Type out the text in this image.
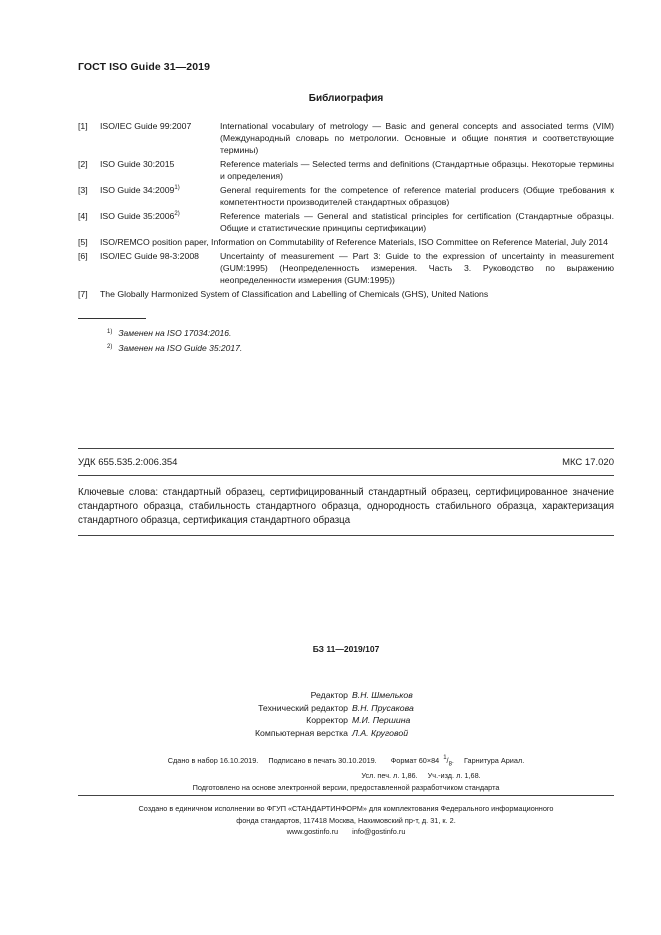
ГОСТ ISO Guide 31—2019
Библиография
[1]	ISO/IEC Guide 99:2007	International vocabulary of metrology — Basic and general concepts and associated terms (VIM) (Международный словарь по метрологии. Основные и общие понятия и соответствующие термины)
[2]	ISO Guide 30:2015	Reference materials — Selected terms and definitions (Стандартные образцы. Некоторые термины и определения)
[3]	ISO Guide 34:2009$^{1)}$	General requirements for the competence of reference material producers (Общие требования к компетентности производителей стандартных образцов)
[4]	ISO Guide 35:2006$^{2)}$	Reference materials — General and statistical principles for certification (Стандартные образцы. Общие и статистические принципы сертификации)
[5]	ISO/REMCO position paper, Information on Commutability of Reference Materials, ISO Committee on Reference Material, July 2014
[6]	ISO/IEC Guide 98-3:2008	Uncertainty of measurement — Part 3: Guide to the expression of uncertainty in measurement (GUM:1995) (Неопределенность измерения. Часть 3. Руководство по выражению неопределенности измерения (GUM:1995))
[7]	The Globally Harmonized System of Classification and Labelling of Chemicals (GHS), United Nations
$^{1)}$ Заменен на ISO 17034:2016.
$^{2)}$ Заменен на ISO Guide 35:2017.
УДК 655.535.2:006.354	МКС 17.020
Ключевые слова: стандартный образец, сертифицированный стандартный образец, сертифицированное значение стандартного образца, стабильность стандартного образца, однородность стабильного образца, характеризация стандартного образца, сертификация стандартного образца
БЗ 11—2019/107
Редактор В.Н. Шмельков
Технический редактор В.Н. Прусакова
Корректор М.И. Першина
Компьютерная верстка Л.А. Круговой
Сдано в набор 16.10.2019. Подписано в печать 30.10.2019. Формат 60×84 $^1/_8$. Гарнитура Ариал.
Усл. печ. л. 1,86. Уч.-изд. л. 1,68.
Подготовлено на основе электронной версии, предоставленной разработчиком стандарта
Создано в единичном исполнении во ФГУП «СТАНДАРТИНФОРМ» для комплектования Федерального информационного
фонда стандартов, 117418 Москва, Нахимовский пр-т, д. 31, к. 2.
www.gostinfo.ru info@gostinfo.ru
